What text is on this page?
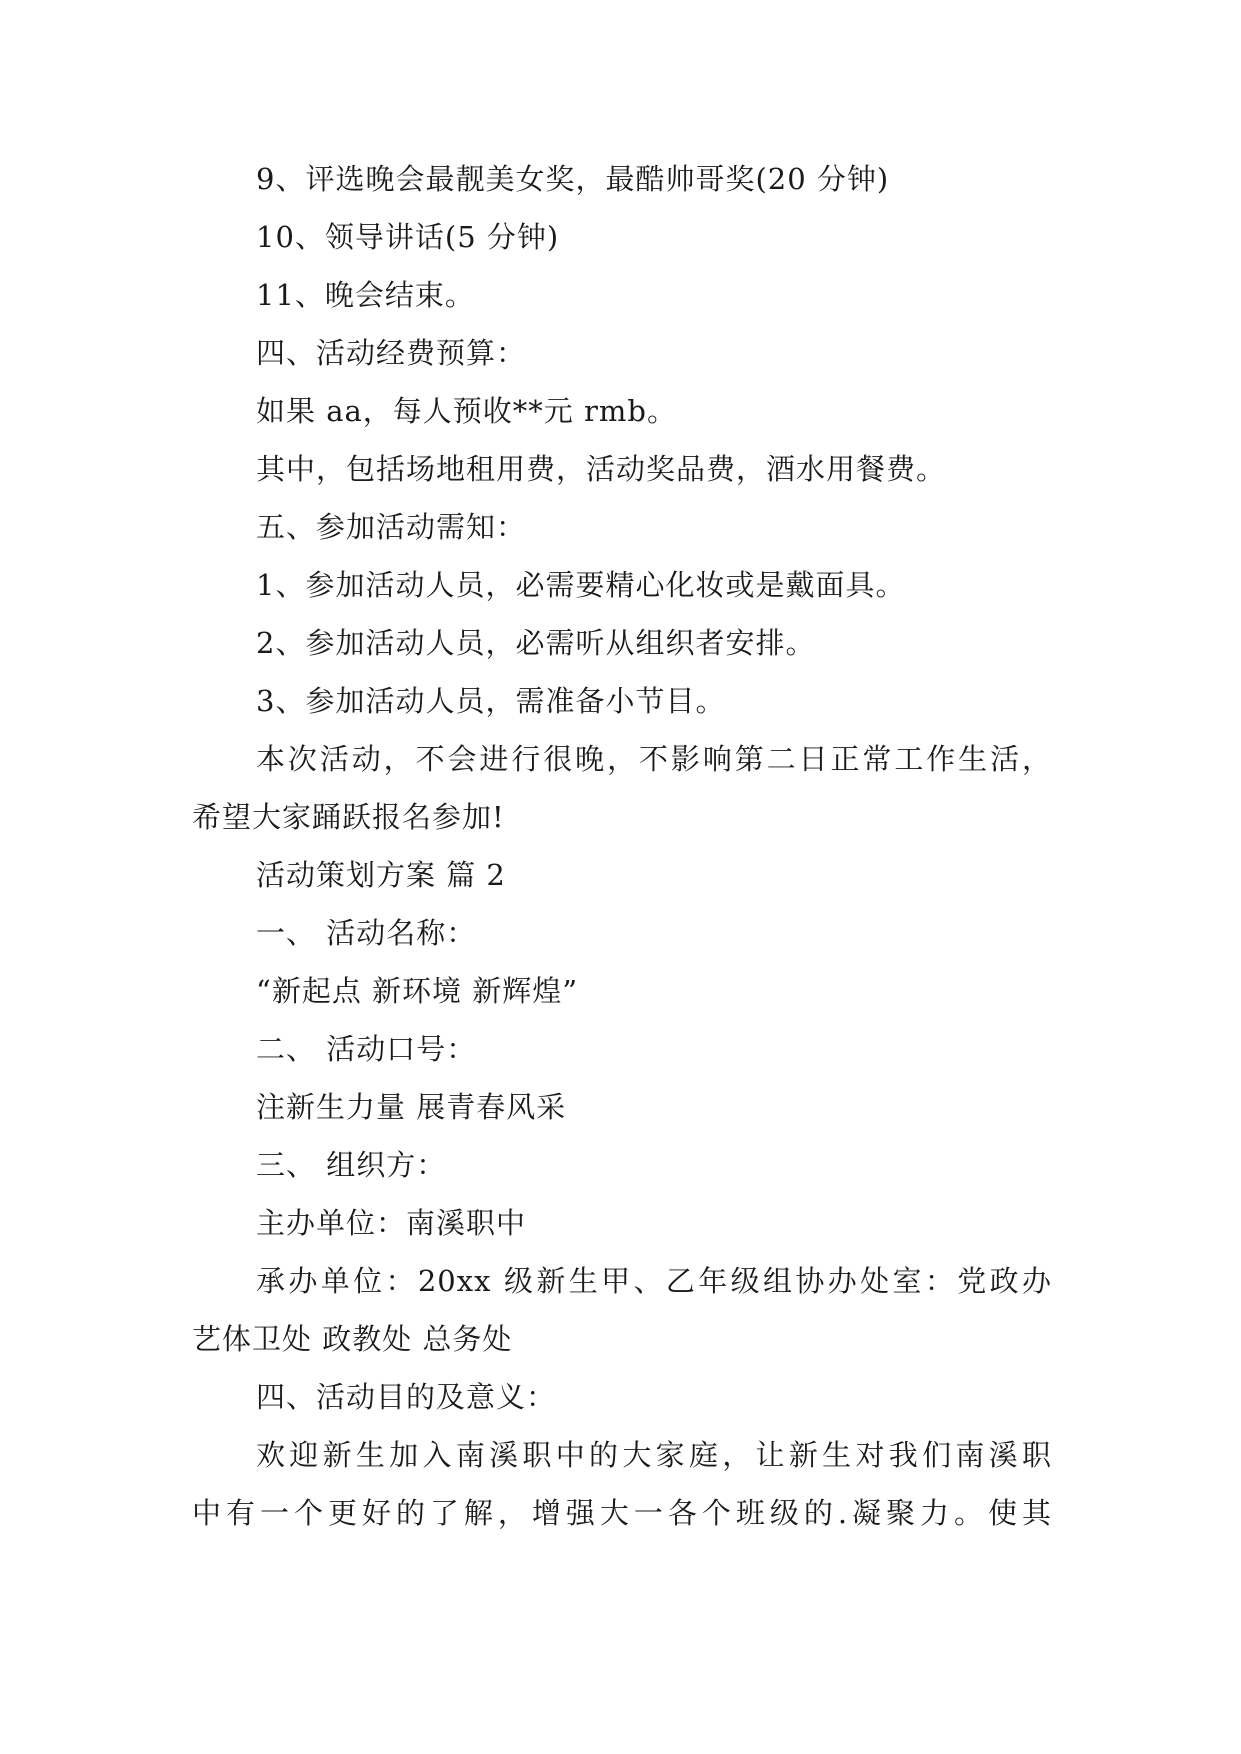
9、评选晚会最靓美女奖，最酷帅哥奖(20 分钟)
10、领导讲话(5 分钟)
11、晚会结束。
四、活动经费预算：
如果 aa，每人预收**元 rmb。
其中，包括场地租用费，活动奖品费，酒水用餐费。
五、参加活动需知：
1、参加活动人员，必需要精心化妆或是戴面具。
2、参加活动人员，必需听从组织者安排。
3、参加活动人员，需准备小节目。
本次活动，不会进行很晚，不影响第二日正常工作生活，
希望大家踊跃报名参加!
活动策划方案 篇 2
一、 活动名称：
“新起点 新环境 新辉煌”
二、 活动口号：
注新生力量 展青春风采
三、 组织方：
主办单位：南溪职中
承办单位：20xx 级新生甲、乙年级组协办处室：党政办
艺体卫处 政教处 总务处
四、活动目的及意义：
欢迎新生加入南溪职中的大家庭，让新生对我们南溪职
中有一个更好的了解，增强大一各个班级的.凝聚力。使其
